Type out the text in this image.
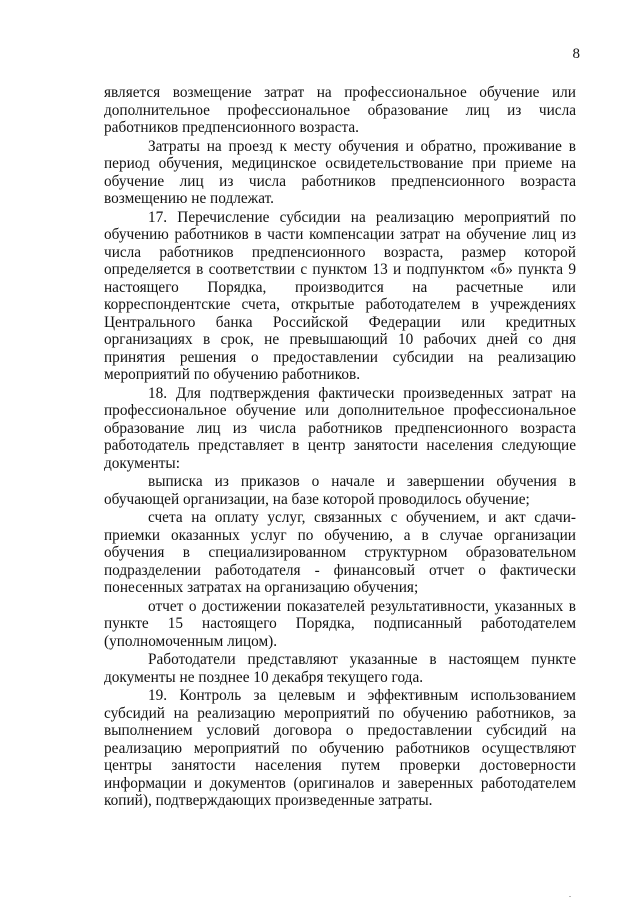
8

является возмещение затрат на профессиональное обучение или дополнительное профессиональное образование лиц из числа работников предпенсионного возраста.

Затраты на проезд к месту обучения и обратно, проживание в период обучения, медицинское освидетельствование при приеме на обучение лиц из числа работников предпенсионного возраста возмещению не подлежат.

17. Перечисление субсидии на реализацию мероприятий по обучению работников в части компенсации затрат на обучение лиц из числа работников предпенсионного возраста, размер которой определяется в соответствии с пунктом 13 и подпунктом «б» пункта 9 настоящего Порядка, производится на расчетные или корреспондентские счета, открытые работодателем в учреждениях Центрального банка Российской Федерации или кредитных организациях в срок, не превышающий 10 рабочих дней со дня принятия решения о предоставлении субсидии на реализацию мероприятий по обучению работников.

18. Для подтверждения фактически произведенных затрат на профессиональное обучение или дополнительное профессиональное образование лиц из числа работников предпенсионного возраста работодатель представляет в центр занятости населения следующие документы:

выписка из приказов о начале и завершении обучения в обучающей организации, на базе которой проводилось обучение;

счета на оплату услуг, связанных с обучением, и акт сдачи-приемки оказанных услуг по обучению, а в случае организации обучения в специализированном структурном образовательном подразделении работодателя - финансовый отчет о фактически понесенных затратах на организацию обучения;

отчет о достижении показателей результативности, указанных в пункте 15 настоящего Порядка, подписанный работодателем (уполномоченным лицом).

Работодатели представляют указанные в настоящем пункте документы не позднее 10 декабря текущего года.

19. Контроль за целевым и эффективным использованием субсидий на реализацию мероприятий по обучению работников, за выполнением условий договора о предоставлении субсидий на реализацию мероприятий по обучению работников осуществляют центры занятости населения путем проверки достоверности информации и документов (оригиналов и заверенных работодателем копий), подтверждающих произведенные затраты.

.
